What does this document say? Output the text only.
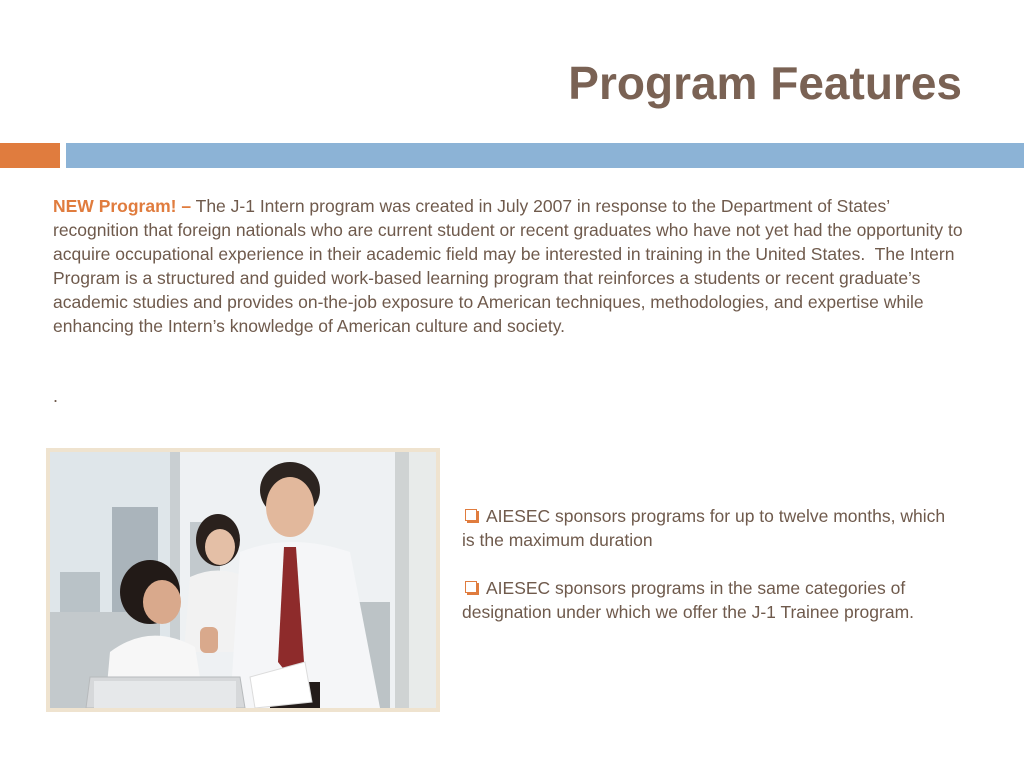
Program Features
NEW Program! – The J-1 Intern program was created in July 2007 in response to the Department of States’ recognition that foreign nationals who are current student or recent graduates who have not yet had the opportunity to acquire occupational experience in their academic field may be interested in training in the United States.  The Intern Program is a structured and guided work-based learning program that reinforces a students or recent graduate’s academic studies and provides on-the-job exposure to American techniques, methodologies, and expertise while enhancing the Intern’s knowledge of American culture and society.
.
AIESEC sponsors programs for up to twelve months, which is the maximum duration
AIESEC sponsors programs in the same categories of designation under which we offer the J-1 Trainee program.
